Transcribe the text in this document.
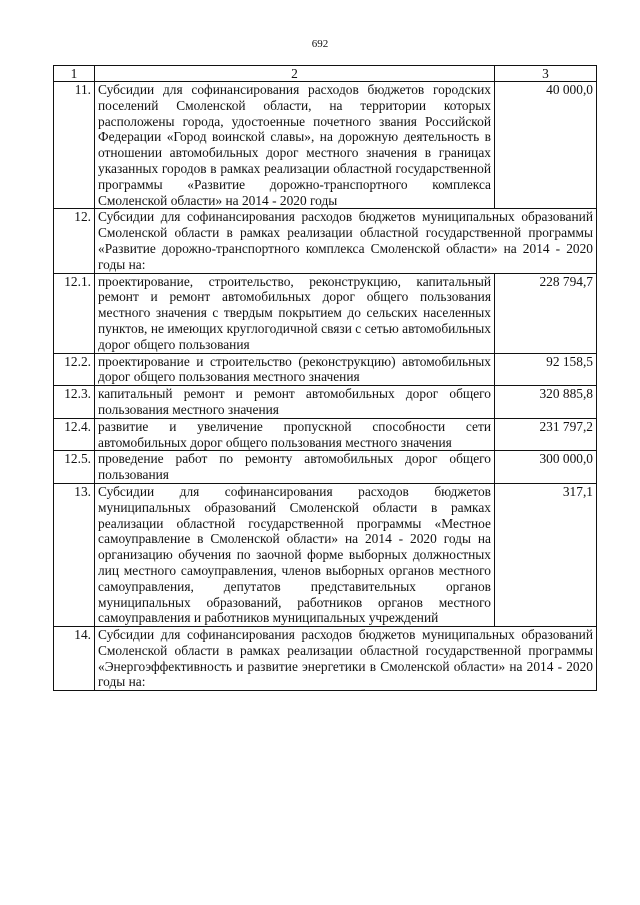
692
1	2	3
11.	Субсидии для софинансирования расходов бюджетов городских поселений Смоленской области, на территории которых расположены города, удостоенные почетного звания Российской Федерации «Город воинской славы», на дорожную деятельность в отношении автомобильных дорог местного значения в границах указанных городов в рамках реализации областной государственной программы «Развитие дорожно-транспортного комплекса Смоленской области» на 2014 - 2020 годы	40 000,0
12.	Субсидии для софинансирования расходов бюджетов муниципальных образований Смоленской области в рамках реализации областной государственной программы «Развитие дорожно-транспортного комплекса Смоленской области» на 2014 - 2020 годы на:	
12.1.	проектирование, строительство, реконструкцию, капитальный ремонт и ремонт автомобильных дорог общего пользования местного значения с твердым покрытием до сельских населенных пунктов, не имеющих круглогодичной связи с сетью автомобильных дорог общего пользования	228 794,7
12.2.	проектирование и строительство (реконструкцию) автомобильных дорог общего пользования местного значения	92 158,5
12.3.	капитальный ремонт и ремонт автомобильных дорог общего пользования местного значения	320 885,8
12.4.	развитие и увеличение пропускной способности сети автомобильных дорог общего пользования местного значения	231 797,2
12.5.	проведение работ по ремонту автомобильных дорог общего пользования	300 000,0
13.	Субсидии для софинансирования расходов бюджетов муниципальных образований Смоленской области в рамках реализации областной государственной программы «Местное самоуправление в Смоленской области» на 2014 - 2020 годы на организацию обучения по заочной форме выборных должностных лиц местного самоуправления, членов выборных органов местного самоуправления, депутатов представительных органов муниципальных образований, работников органов местного самоуправления и работников муниципальных учреждений	317,1
14.	Субсидии для софинансирования расходов бюджетов муниципальных образований Смоленской области в рамках реализации областной государственной программы «Энергоэффективность и развитие энергетики в Смоленской области» на 2014 - 2020 годы на:	
